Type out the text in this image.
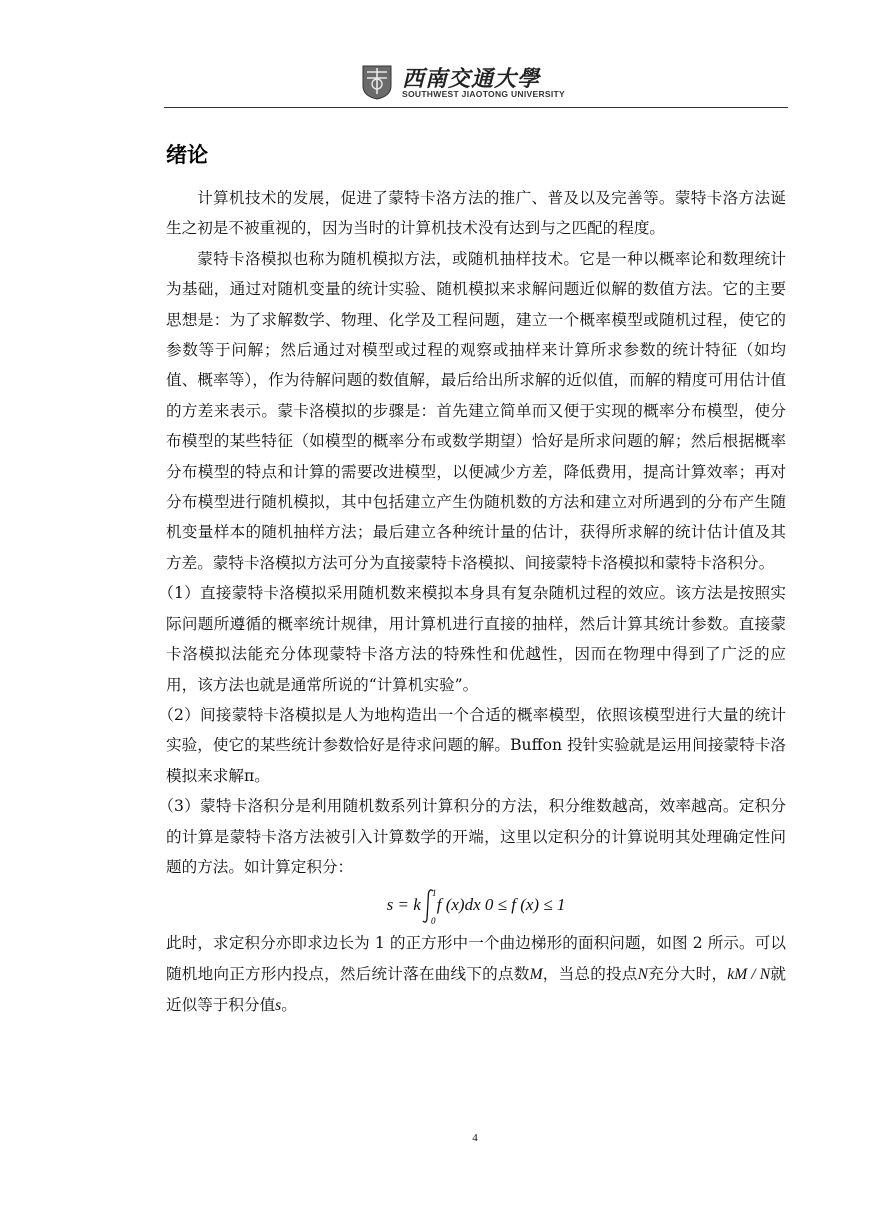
西南交通大學
SOUTHWEST JIAOTONG UNIVERSITY
绪论

计算机技术的发展，促进了蒙特卡洛方法的推广、普及以及完善等。蒙特卡洛方法诞生之初是不被重视的，因为当时的计算机技术没有达到与之匹配的程度。

蒙特卡洛模拟也称为随机模拟方法，或随机抽样技术。它是一种以概率论和数理统计为基础，通过对随机变量的统计实验、随机模拟来求解问题近似解的数值方法。它的主要思想是：为了求解数学、物理、化学及工程问题，建立一个概率模型或随机过程，使它的参数等于问解；然后通过对模型或过程的观察或抽样来计算所求参数的统计特征（如均值、概率等），作为待解问题的数值解，最后给出所求解的近似值，而解的精度可用估计值的方差来表示。蒙卡洛模拟的步骤是：首先建立简单而又便于实现的概率分布模型，使分布模型的某些特征（如模型的概率分布或数学期望）恰好是所求问题的解；然后根据概率分布模型的特点和计算的需要改进模型，以便减少方差，降低费用，提高计算效率；再对分布模型进行随机模拟，其中包括建立产生伪随机数的方法和建立对所遇到的分布产生随机变量样本的随机抽样方法；最后建立各种统计量的估计，获得所求解的统计估计值及其方差。蒙特卡洛模拟方法可分为直接蒙特卡洛模拟、间接蒙特卡洛模拟和蒙特卡洛积分。

（1）直接蒙特卡洛模拟采用随机数来模拟本身具有复杂随机过程的效应。该方法是按照实际问题所遵循的概率统计规律，用计算机进行直接的抽样，然后计算其统计参数。直接蒙卡洛模拟法能充分体现蒙特卡洛方法的特殊性和优越性，因而在物理中得到了广泛的应用，该方法也就是通常所说的“计算机实验”。

（2）间接蒙特卡洛模拟是人为地构造出一个合适的概率模型，依照该模型进行大量的统计实验，使它的某些统计参数恰好是待求问题的解。Buffon 投针实验就是运用间接蒙特卡洛模拟来求解π。

（3）蒙特卡洛积分是利用随机数系列计算积分的方法，积分维数越高，效率越高。定积分的计算是蒙特卡洛方法被引入计算数学的开端，这里以定积分的计算说明其处理确定性问题的方法。如计算定积分：

s = k
1
0
f (x)dx 0 ≤ f (x) ≤ 1

此时，求定积分亦即求边长为 1 的正方形中一个曲边梯形的面积问题，如图 2 所示。可以随机地向正方形内投点，然后统计落在曲线下的点数M，当总的投点N充分大时，kM / N就近似等于积分值s。

4
